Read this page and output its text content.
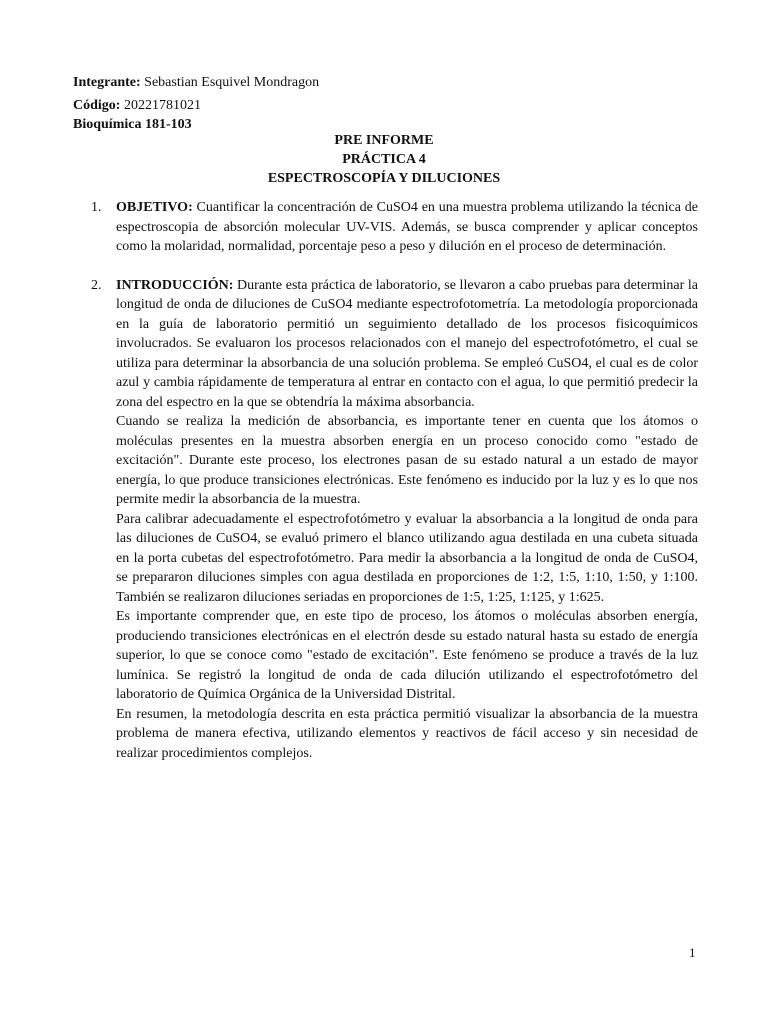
Integrante: Sebastian Esquivel Mondragon

Código: 20221781021

Bioquímica 181-103

PRE INFORME
PRÁCTICA 4
ESPECTROSCOPÍA Y DILUCIONES
1. OBJETIVO: Cuantificar la concentración de CuSO4 en una muestra problema utilizando la técnica de espectroscopia de absorción molecular UV-VIS. Además, se busca comprender y aplicar conceptos como la molaridad, normalidad, porcentaje peso a peso y dilución en el proceso de determinación.

2. INTRODUCCIÓN: Durante esta práctica de laboratorio, se llevaron a cabo pruebas para determinar la longitud de onda de diluciones de CuSO4 mediante espectrofotometría. La metodología proporcionada en la guía de laboratorio permitió un seguimiento detallado de los procesos fisicoquímicos involucrados. Se evaluaron los procesos relacionados con el manejo del espectrofotómetro, el cual se utiliza para determinar la absorbancia de una solución problema. Se empleó CuSO4, el cual es de color azul y cambia rápidamente de temperatura al entrar en contacto con el agua, lo que permitió predecir la zona del espectro en la que se obtendría la máxima absorbancia.

Cuando se realiza la medición de absorbancia, es importante tener en cuenta que los átomos o moléculas presentes en la muestra absorben energía en un proceso conocido como "estado de excitación". Durante este proceso, los electrones pasan de su estado natural a un estado de mayor energía, lo que produce transiciones electrónicas. Este fenómeno es inducido por la luz y es lo que nos permite medir la absorbancia de la muestra.

Para calibrar adecuadamente el espectrofotómetro y evaluar la absorbancia a la longitud de onda para las diluciones de CuSO4, se evaluó primero el blanco utilizando agua destilada en una cubeta situada en la porta cubetas del espectrofotómetro. Para medir la absorbancia a la longitud de onda de CuSO4, se prepararon diluciones simples con agua destilada en proporciones de 1:2, 1:5, 1:10, 1:50, y 1:100. También se realizaron diluciones seriadas en proporciones de 1:5, 1:25, 1:125, y 1:625.

Es importante comprender que, en este tipo de proceso, los átomos o moléculas absorben energía, produciendo transiciones electrónicas en el electrón desde su estado natural hasta su estado de energía superior, lo que se conoce como "estado de excitación". Este fenómeno se produce a través de la luz lumínica. Se registró la longitud de onda de cada dilución utilizando el espectrofotómetro del laboratorio de Química Orgánica de la Universidad Distrital.

En resumen, la metodología descrita en esta práctica permitió visualizar la absorbancia de la muestra problema de manera efectiva, utilizando elementos y reactivos de fácil acceso y sin necesidad de realizar procedimientos complejos.

1
